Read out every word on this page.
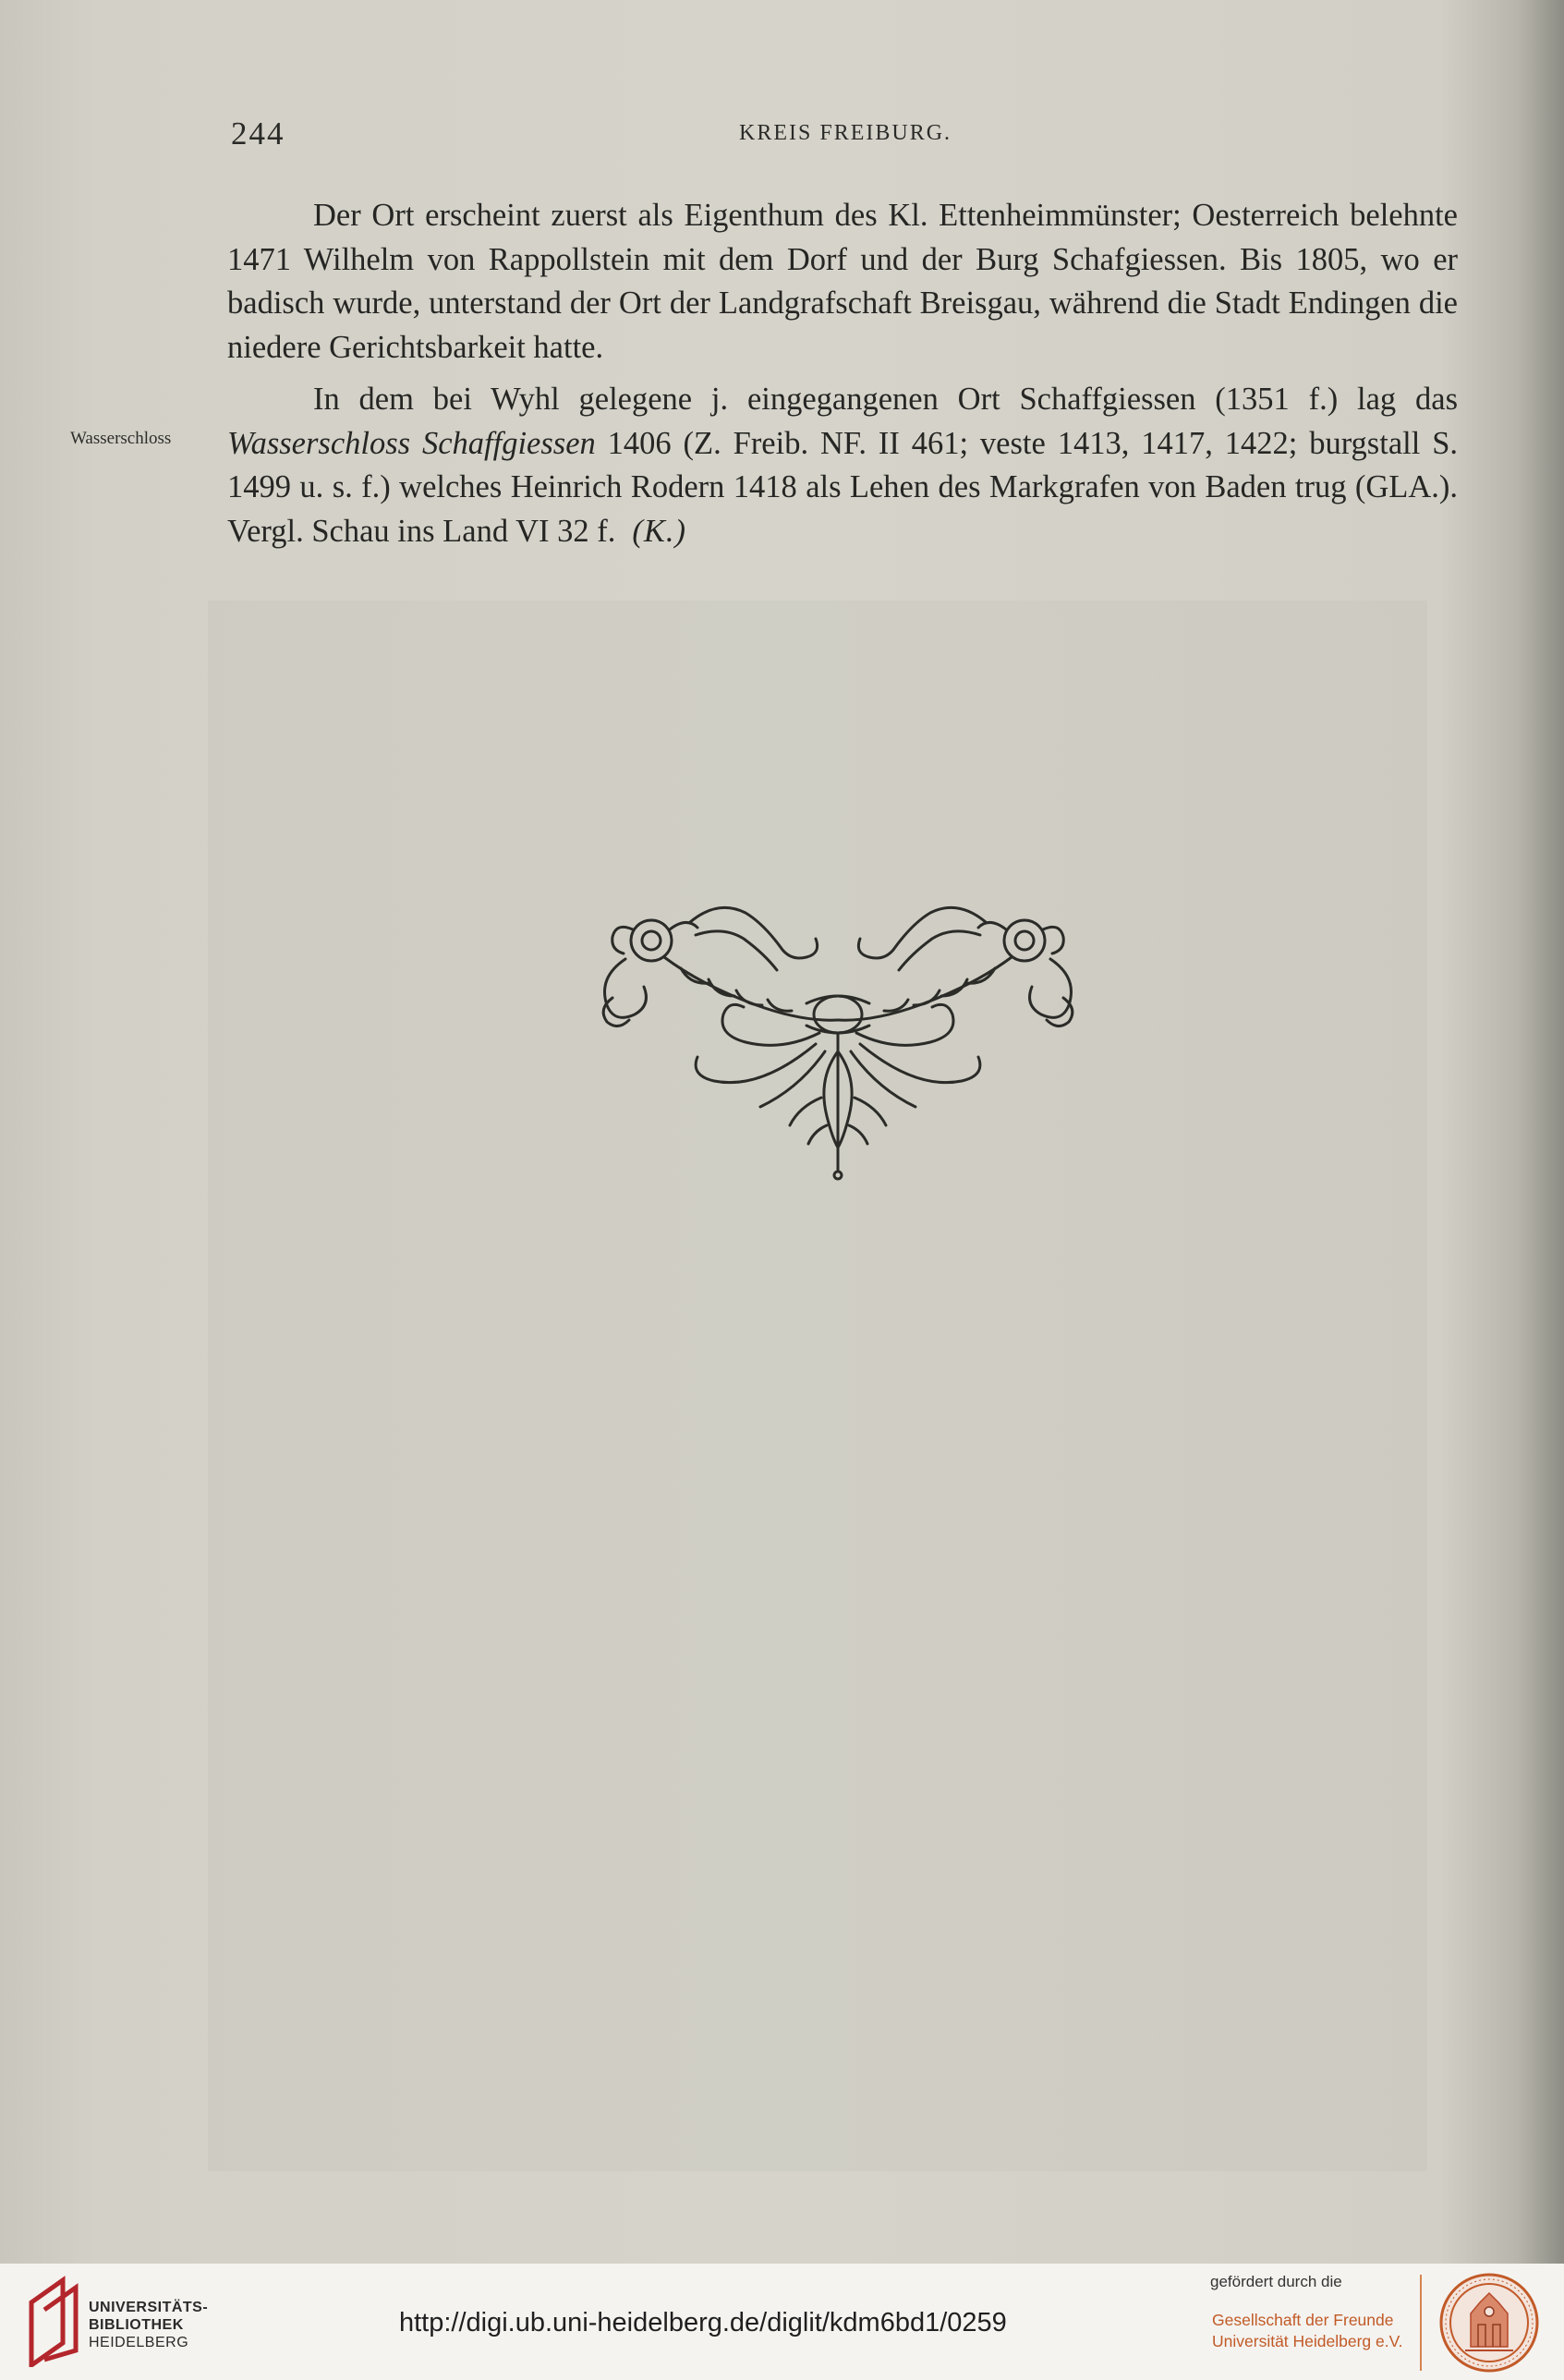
244	KREIS FREIBURG.
Wasserschloss

Der Ort erscheint zuerst als Eigenthum des Kl. Ettenheimmünster; Oesterreich belehnte 1471 Wilhelm von Rappollstein mit dem Dorf und der Burg Schafgiessen. Bis 1805, wo er badisch wurde, unterstand der Ort der Landgrafschaft Breisgau, während die Stadt Endingen die niedere Gerichtsbarkeit hatte.

In dem bei Wyhl gelegene j. eingegangenen Ort Schaffgiessen (1351 f.) lag das Wasserschloss Schaffgiessen 1406 (Z. Freib. NF. II 461; veste 1413, 1417, 1422; burgstall S. 1499 u. s. f.) welches Heinrich Rodern 1418 als Lehen des Markgrafen von Baden trug (GLA.). Vergl. Schau ins Land VI 32 f. (K.)

UNIVERSITÄTS-
BIBLIOTHEK
HEIDELBERG
http://digi.ub.uni-heidelberg.de/diglit/kdm6bd1/0259
gefördert durch die
Gesellschaft der Freunde
Universität Heidelberg e.V.
